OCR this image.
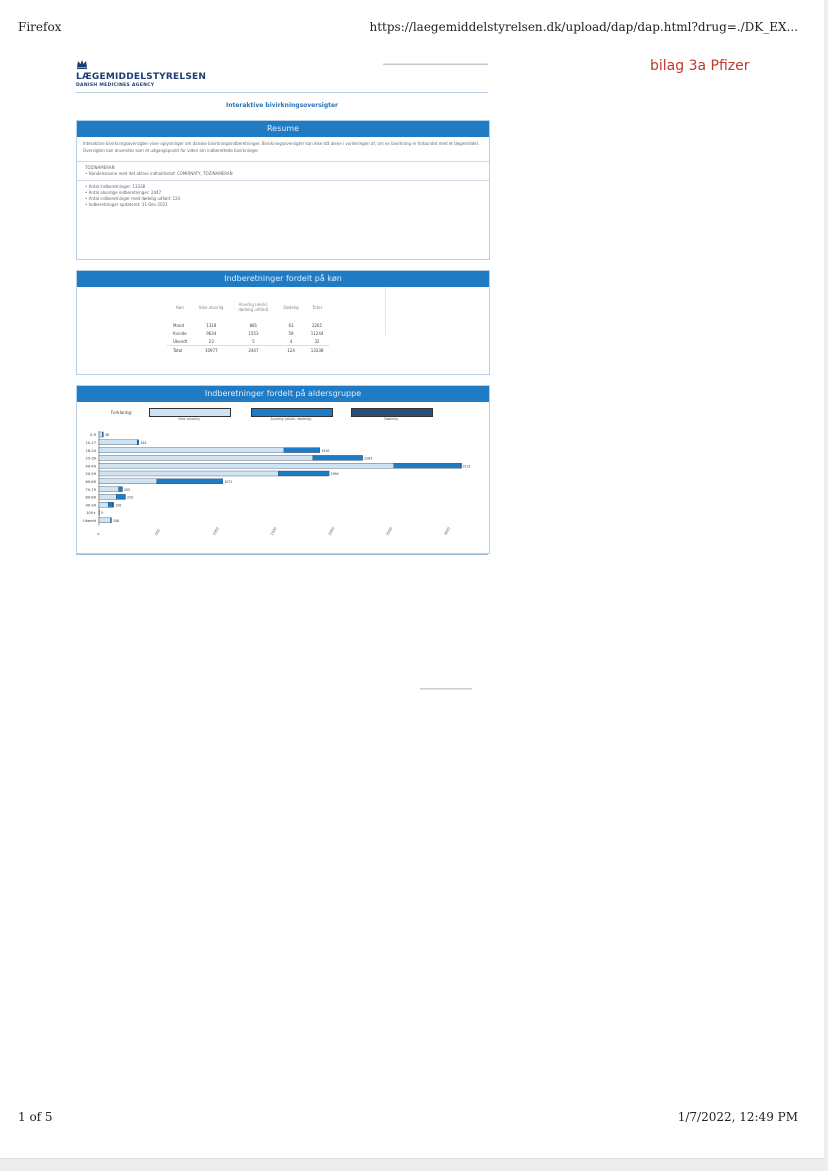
Firefox	https://laegemiddelstyrelsen.dk/upload/dap/dap.html?drug=./DK_EX...
bilag 3a Pfizer
LÆGEMIDDELSTYRELSEN
DANISH MEDICINES AGENCY
Interaktive bivirkningsoversigter
Resume
Interaktive bivirkningsoversigter viser oplysninger om danske bivirkningsindberetninger. Bivirkningsoversigter kan ikke stå alene i vurderingen af, om en bivirkning er forbundet med et lægemiddel. Oversigten kan anvendes som et udgangspunkt for viden om indberettede bivirkninger.
TOZINAMERAN
• Handelsnavne med det aktive indholdsstof: COMIRNATY, TOZINAMERAN
• Antal indberetninger: 13338
• Antal alvorlige indberetninger: 2447
• Antal indberetninger med dødelig udfald: 124
• Indberetninger opdateret: 31-Dec-2021
Indberetninger fordelt på køn
Køn	Ikke alvorlig	Alvorlig (ekskl. dødelig udfald)	Dødelig	Total
Mand	1318	881	63	2261
Kvinde	9634	1553	59	11244
Ukendt	23	5	4	32
Total	10977	2447	124	13338
Indberetninger fordelt på aldersgruppe
Forklaring:
Ikke alvorlig	Alvorlig (ekskl. dødelig)	Dødelig
0-9	38
10-17	344
18-24	1910
25-39	2283
40-49	3131
50-59	1994
60-69	1071
70-79	203
80-89	229
90-99	126
100+ 5
Ukendt	108
0	500	1000	1500	2000	2500	3000
1 of 5	1/7/2022, 12:49 PM
